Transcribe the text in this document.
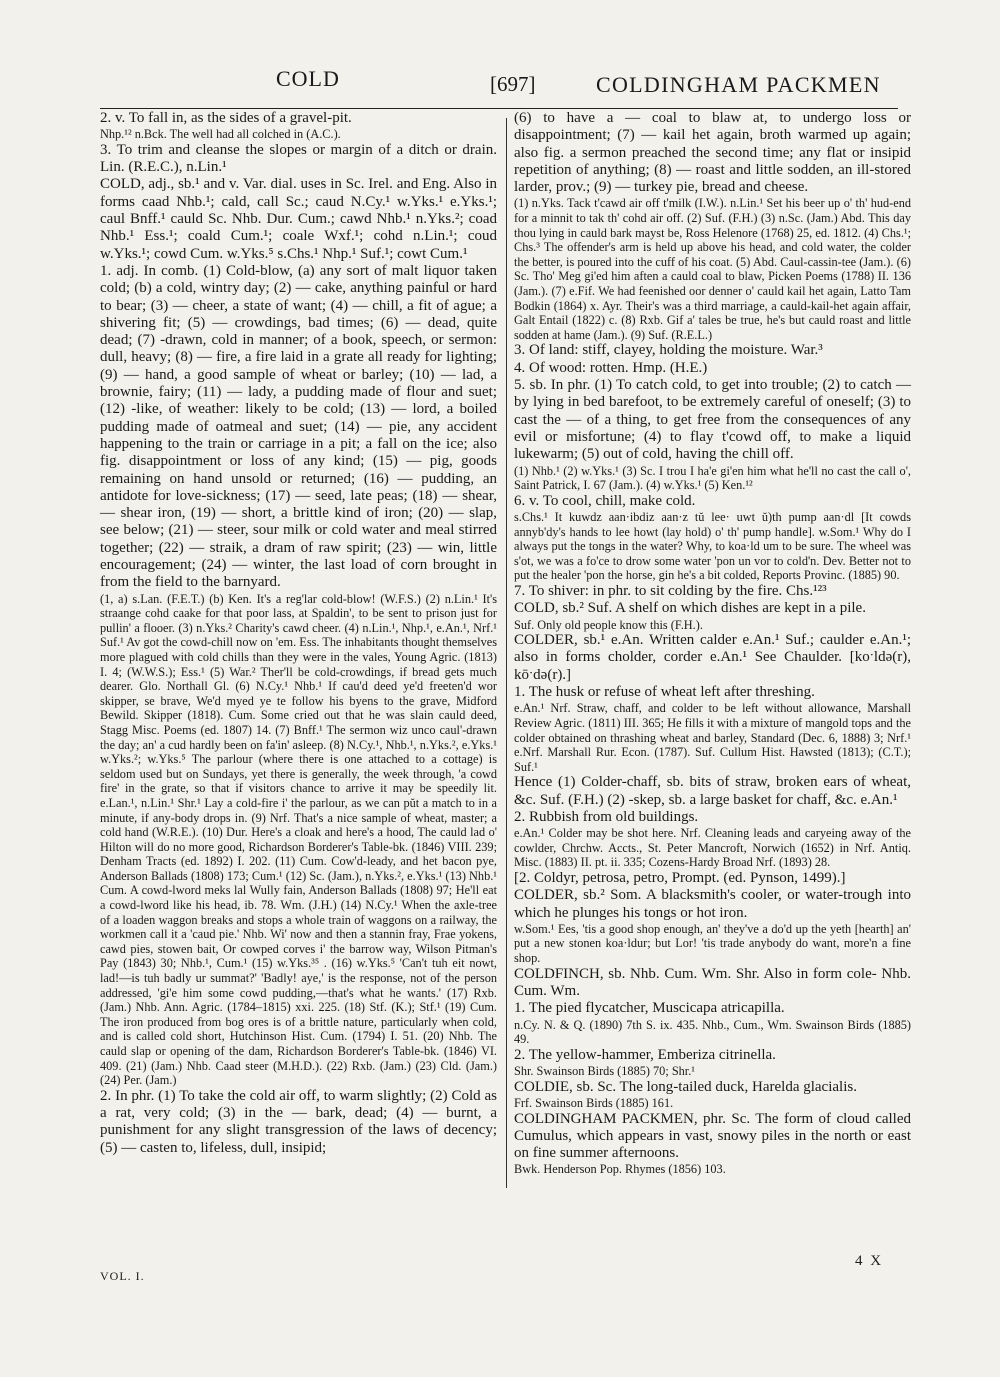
COLD	[697]	COLDINGHAM PACKMEN

2. v. To fall in, as the sides of a gravel-pit.

Nhp.¹² n.Bck. The well had all colched in (A.C.).

3. To trim and cleanse the slopes or margin of a ditch or drain. Lin. (R.E.C.), n.Lin.¹

COLD, adj., sb.¹ and v. Var. dial. uses in Sc. Irel. and Eng. Also in forms caad Nhb.¹; cald, call Sc.; caud N.Cy.¹ w.Yks.¹ e.Yks.¹; caul Bnff.¹ cauld Sc. Nhb. Dur. Cum.; cawd Nhb.¹ n.Yks.²; coad Nhb.¹ Ess.¹; coald Cum.¹; coale Wxf.¹; cohd n.Lin.¹; coud w.Yks.¹; cowd Cum. w.Yks.⁵ s.Chs.¹ Nhp.¹ Suf.¹; cowt Cum.¹

1. adj. In comb. (1) Cold-blow, (a) any sort of malt liquor taken cold; (b) a cold, wintry day; (2) — cake, anything painful or hard to bear; (3) — cheer, a state of want; (4) — chill, a fit of ague; a shivering fit; (5) — crowdings, bad times; (6) — dead, quite dead; (7) -drawn, cold in manner; of a book, speech, or sermon: dull, heavy; (8) — fire, a fire laid in a grate all ready for lighting; (9) — hand, a good sample of wheat or barley; (10) — lad, a brownie, fairy; (11) — lady, a pudding made of flour and suet; (12) -like, of weather: likely to be cold; (13) — lord, a boiled pudding made of oatmeal and suet; (14) — pie, any accident happening to the train or carriage in a pit; a fall on the ice; also fig. disappointment or loss of any kind; (15) — pig, goods remaining on hand unsold or returned; (16) — pudding, an antidote for love-sickness; (17) — seed, late peas; (18) — shear, — shear iron, (19) — short, a brittle kind of iron; (20) — slap, see below; (21) — steer, sour milk or cold water and meal stirred together; (22) — straik, a dram of raw spirit; (23) — win, little encouragement; (24) — winter, the last load of corn brought in from the field to the barnyard.

(1, a) s.Lan. (F.E.T.) (b) Ken. It's a reg'lar cold-blow! (W.F.S.) (2) n.Lin.¹ It's straange cohd caake for that poor lass, at Spaldin', to be sent to prison just for pullin' a flooer. (3) n.Yks.² Charity's cawd cheer. (4) n.Lin.¹, Nhp.¹, e.An.¹, Nrf.¹ Suf.¹ Av got the cowd-chill now on 'em. Ess. The inhabitants thought themselves more plagued with cold chills than they were in the vales, Young Agric. (1813) I. 4; (W.W.S.); Ess.¹ (5) War.² Ther'll be cold-crowdings, if bread gets much dearer. Glo. Northall Gl. (6) N.Cy.¹ Nhb.¹ If cau'd deed ye'd freeten'd wor skipper, se brave, We'd myed ye te follow his byens to the grave, Midford Bewild. Skipper (1818). Cum. Some cried out that he was slain cauld deed, Stagg Misc. Poems (ed. 1807) 14. (7) Bnff.¹ The sermon wiz unco caul'-drawn the day; an' a cud hardly been on fa'in' asleep. (8) N.Cy.¹, Nhb.¹, n.Yks.², e.Yks.¹ w.Yks.²; w.Yks.⁵ The parlour (where there is one attached to a cottage) is seldom used but on Sundays, yet there is generally, the week through, 'a cowd fire' in the grate, so that if visitors chance to arrive it may be speedily lit. e.Lan.¹, n.Lin.¹ Shr.¹ Lay a cold-fire i' the parlour, as we can pŭt a match to in a minute, if any-body drops in. (9) Nrf. That's a nice sample of wheat, master; a cold hand (W.R.E.). (10) Dur. Here's a cloak and here's a hood, The cauld lad o' Hilton will do no more good, Richardson Borderer's Table-bk. (1846) VIII. 239; Denham Tracts (ed. 1892) I. 202. (11) Cum. Cow'd-leady, and het bacon pye, Anderson Ballads (1808) 173; Cum.¹ (12) Sc. (Jam.), n.Yks.², e.Yks.¹ (13) Nhb.¹ Cum. A cowd-lword meks lal Wully fain, Anderson Ballads (1808) 97; He'll eat a cowd-lword like his head, ib. 78. Wm. (J.H.) (14) N.Cy.¹ When the axle-tree of a loaden waggon breaks and stops a whole train of waggons on a railway, the workmen call it a 'caud pie.' Nhb. Wi' now and then a stannin fray, Frae yokens, cawd pies, stowen bait, Or cowped corves i' the barrow way, Wilson Pitman's Pay (1843) 30; Nhb.¹, Cum.¹ (15) w.Yks.³⁵ . (16) w.Yks.⁵ 'Can't tuh eit nowt, lad!—is tuh badly ur summat?' 'Badly! aye,' is the response, not of the person addressed, 'gi'e him some cowd pudding,—that's what he wants.' (17) Rxb. (Jam.) Nhb. Ann. Agric. (1784–1815) xxi. 225. (18) Stf. (K.); Stf.¹ (19) Cum. The iron produced from bog ores is of a brittle nature, particularly when cold, and is called cold short, Hutchinson Hist. Cum. (1794) I. 51. (20) Nhb. The cauld slap or opening of the dam, Richardson Borderer's Table-bk. (1846) VI. 409. (21) (Jam.) Nhb. Caad steer (M.H.D.). (22) Rxb. (Jam.) (23) Cld. (Jam.) (24) Per. (Jam.)

2. In phr. (1) To take the cold air off, to warm slightly; (2) Cold as a rat, very cold; (3) in the — bark, dead; (4) — burnt, a punishment for any slight transgression of the laws of decency; (5) — casten to, lifeless, dull, insipid;

(6) to have a — coal to blaw at, to undergo loss or disappointment; (7) — kail het again, broth warmed up again; also fig. a sermon preached the second time; any flat or insipid repetition of anything; (8) — roast and little sodden, an ill-stored larder, prov.; (9) — turkey pie, bread and cheese.

(1) n.Yks. Tack t'cawd air off t'milk (I.W.). n.Lin.¹ Set his beer up o' th' hud-end for a minnit to tak th' cohd air off. (2) Suf. (F.H.) (3) n.Sc. (Jam.) Abd. This day thou lying in cauld bark mayst be, Ross Helenore (1768) 25, ed. 1812. (4) Chs.¹; Chs.³ The offender's arm is held up above his head, and cold water, the colder the better, is poured into the cuff of his coat. (5) Abd. Caul-cassin-tee (Jam.). (6) Sc. Tho' Meg gi'ed him aften a cauld coal to blaw, Picken Poems (1788) II. 136 (Jam.). (7) e.Fif. We had feenished oor denner o' cauld kail het again, Latto Tam Bodkin (1864) x. Ayr. Their's was a third marriage, a cauld-kail-het again affair, Galt Entail (1822) c. (8) Rxb. Gif a' tales be true, he's but cauld roast and little sodden at hame (Jam.). (9) Suf. (R.E.L.)

3. Of land: stiff, clayey, holding the moisture. War.³

4. Of wood: rotten. Hmp. (H.E.)

5. sb. In phr. (1) To catch cold, to get into trouble; (2) to catch — by lying in bed barefoot, to be extremely careful of oneself; (3) to cast the — of a thing, to get free from the consequences of any evil or misfortune; (4) to flay t'cowd off, to make a liquid lukewarm; (5) out of cold, having the chill off.

(1) Nhb.¹ (2) w.Yks.¹ (3) Sc. I trou I ha'e gi'en him what he'll no cast the call o', Saint Patrick, I. 67 (Jam.). (4) w.Yks.¹ (5) Ken.¹²

6. v. To cool, chill, make cold.

s.Chs.¹ It kuwdz aan·ibdiz aan·z tŭ lee· uwt ŭ)th pump aan·dl [It cowds annyb'dy's hands to lee howt (lay hold) o' th' pump handle]. w.Som.¹ Why do I always put the tongs in the water? Why, to koa·ld um to be sure. The wheel was s'ot, we was a fo'ce to drow some water 'pon un vor to cold'n. Dev. Better not to put the healer 'pon the horse, gin he's a bit colded, Reports Provinc. (1885) 90.

7. To shiver: in phr. to sit colding by the fire. Chs.¹²³

COLD, sb.² Suf. A shelf on which dishes are kept in a pile.

Suf. Only old people know this (F.H.).

COLDER, sb.¹ e.An. Written calder e.An.¹ Suf.; caulder e.An.¹; also in forms cholder, corder e.An.¹ See Chaulder. [koˑldə(r), kōˑdə(r).]

1. The husk or refuse of wheat left after threshing.

e.An.¹ Nrf. Straw, chaff, and colder to be left without allowance, Marshall Review Agric. (1811) III. 365; He fills it with a mixture of mangold tops and the colder obtained on thrashing wheat and barley, Standard (Dec. 6, 1888) 3; Nrf.¹ e.Nrf. Marshall Rur. Econ. (1787). Suf. Cullum Hist. Hawsted (1813); (C.T.); Suf.¹

Hence (1) Colder-chaff, sb. bits of straw, broken ears of wheat, &c. Suf. (F.H.) (2) -skep, sb. a large basket for chaff, &c. e.An.¹

2. Rubbish from old buildings.

e.An.¹ Colder may be shot here. Nrf. Cleaning leads and caryeing away of the cowlder, Chrchw. Accts., St. Peter Mancroft, Norwich (1652) in Nrf. Antiq. Misc. (1883) II. pt. ii. 335; Cozens-Hardy Broad Nrf. (1893) 28.

[2. Coldyr, petrosa, petro, Prompt. (ed. Pynson, 1499).]

COLDER, sb.² Som. A blacksmith's cooler, or water-trough into which he plunges his tongs or hot iron.

w.Som.¹ Ees, 'tis a good shop enough, an' they've a do'd up the yeth [hearth] an' put a new stonen koa·ldur; but Lor! 'tis trade anybody do want, more'n a fine shop.

COLDFINCH, sb. Nhb. Cum. Wm. Shr. Also in form cole- Nhb. Cum. Wm.

1. The pied flycatcher, Muscicapa atricapilla.

n.Cy. N. & Q. (1890) 7th S. ix. 435. Nhb., Cum., Wm. Swainson Birds (1885) 49.

2. The yellow-hammer, Emberiza citrinella.

Shr. Swainson Birds (1885) 70; Shr.¹

COLDIE, sb. Sc. The long-tailed duck, Harelda glacialis.

Frf. Swainson Birds (1885) 161.

COLDINGHAM PACKMEN, phr. Sc. The form of cloud called Cumulus, which appears in vast, snowy piles in the north or east on fine summer afternoons.

Bwk. Henderson Pop. Rhymes (1856) 103.

VOL. I.
4 X
